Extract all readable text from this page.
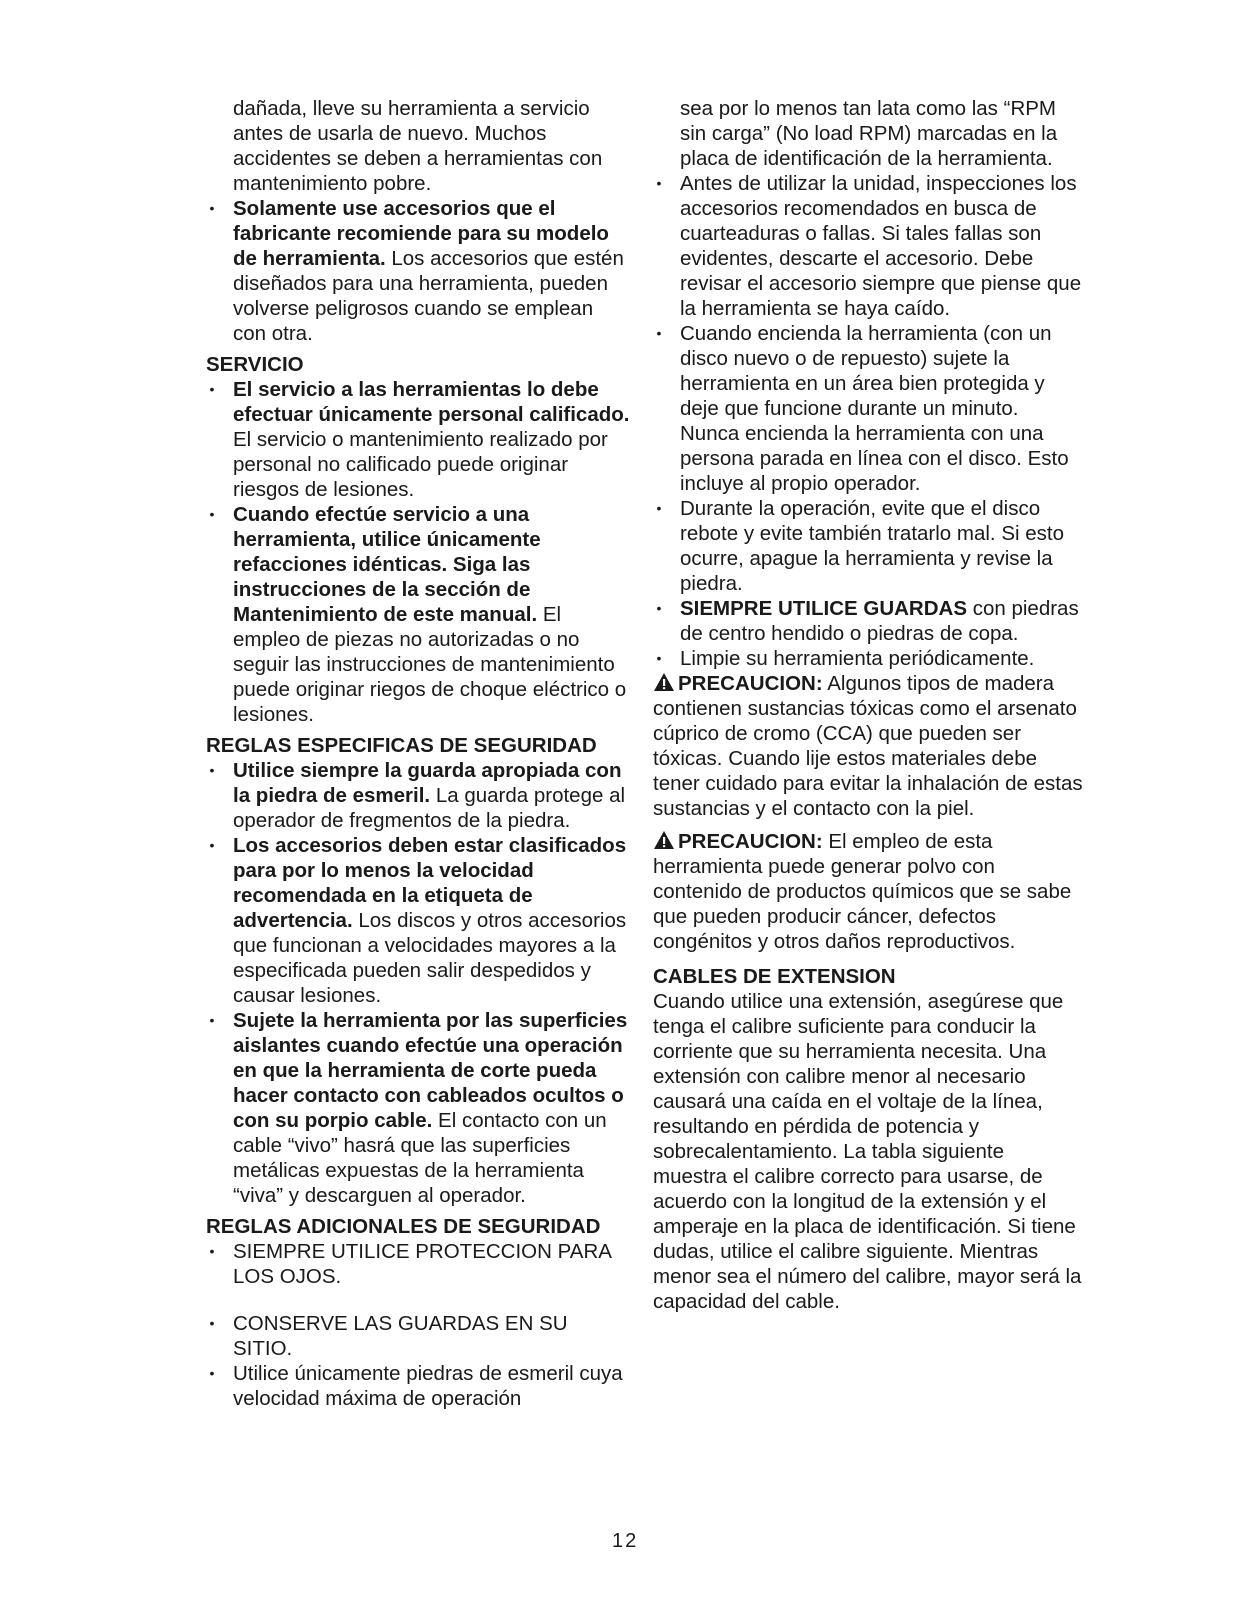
dañada, lleve su herramienta a servicio antes de usarla de nuevo. Muchos accidentes se deben a herramientas con mantenimiento pobre.

• Solamente use accesorios que el fabricante recomiende para su modelo de herramienta. Los accesorios que estén diseñados para una herramienta, pueden volverse peligrosos cuando se emplean con otra.

SERVICIO

• El servicio a las herramientas lo debe efectuar únicamente personal calificado. El servicio o mantenimiento realizado por personal no calificado puede originar riesgos de lesiones.
• Cuando efectúe servicio a una herramienta, utilice únicamente refacciones idénticas. Siga las instrucciones de la sección de Mantenimiento de este manual. El empleo de piezas no autorizadas o no seguir las instrucciones de mantenimiento puede originar riegos de choque eléctrico o lesiones.

REGLAS ESPECIFICAS DE SEGURIDAD

• Utilice siempre la guarda apropiada con la piedra de esmeril. La guarda protege al operador de fregmentos de la piedra.
• Los accesorios deben estar clasificados para por lo menos la velocidad recomendada en la etiqueta de advertencia. Los discos y otros accesorios que funcionan a velocidades mayores a la especificada pueden salir despedidos y causar lesiones.
• Sujete la herramienta por las superficies aislantes cuando efectúe una operación en que la herramienta de corte pueda hacer contacto con cableados ocultos o con su porpio cable. El contacto con un cable “vivo” hasrá que las superficies metálicas expuestas de la herramienta “viva” y descarguen al operador.

REGLAS ADICIONALES DE SEGURIDAD

• SIEMPRE UTILICE PROTECCION PARA LOS OJOS.
• CONSERVE LAS GUARDAS EN SU SITIO.
• Utilice únicamente piedras de esmeril cuya velocidad máxima de operación

sea por lo menos tan lata como las “RPM sin carga” (No load RPM) marcadas en la placa de identificación de la herramienta.

• Antes de utilizar la unidad, inspecciones los accesorios recomendados en busca de cuarteaduras o fallas. Si tales fallas son evidentes, descarte el accesorio. Debe revisar el accesorio siempre que piense que la herramienta se haya caído.
• Cuando encienda la herramienta (con un disco nuevo o de repuesto) sujete la herramienta en un área bien protegida y deje que funcione durante un minuto. Nunca encienda la herramienta con una persona parada en línea con el disco. Esto incluye al propio operador.
• Durante la operación, evite que el disco rebote y evite también tratarlo mal. Si esto ocurre, apague la herramienta y revise la piedra.
• SIEMPRE UTILICE GUARDAS con piedras de centro hendido o piedras de copa.
• Limpie su herramienta periódicamente.

PRECAUCION: Algunos tipos de madera contienen sustancias tóxicas como el arsenato cúprico de cromo (CCA) que pueden ser tóxicas. Cuando lije estos materiales debe tener cuidado para evitar la inhalación de estas sustancias y el contacto con la piel.

PRECAUCION: El empleo de esta herramienta puede generar polvo con contenido de productos químicos que se sabe que pueden producir cáncer, defectos congénitos y otros daños reproductivos.

CABLES DE EXTENSION

Cuando utilice una extensión, asegúrese que tenga el calibre suficiente para conducir la corriente que su herramienta necesita. Una extensión con calibre menor al necesario causará una caída en el voltaje de la línea, resultando en pérdida de potencia y sobrecalentamiento. La tabla siguiente muestra el calibre correcto para usarse, de acuerdo con la longitud de la extensión y el amperaje en la placa de identificación. Si tiene dudas, utilice el calibre siguiente. Mientras menor sea el número del calibre, mayor será la capacidad del cable.

12
